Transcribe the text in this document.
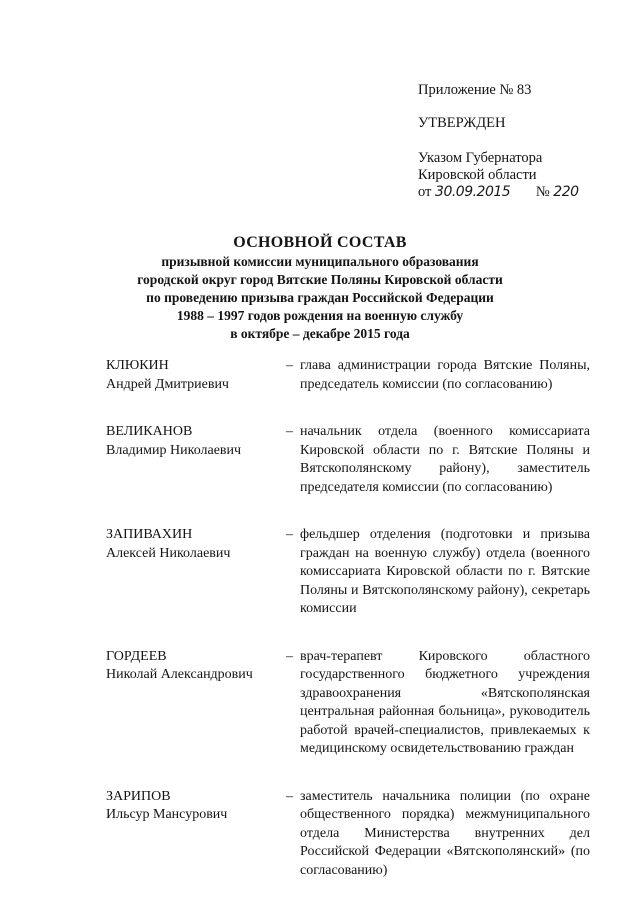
Приложение № 83
УТВЕРЖДЕН
Указом Губернатора
Кировской области
от 30.09.2015 № 220
ОСНОВНОЙ СОСТАВ
призывной комиссии муниципального образования
городской округ город Вятские Поляны Кировской области
по проведению призыва граждан Российской Федерации
1988 – 1997 годов рождения на военную службу
в октябре – декабре 2015 года
КЛЮКИН
Андрей Дмитриевич
– глава администрации города Вятские Поляны, председатель комиссии (по согласованию)
ВЕЛИКАНОВ
Владимир Николаевич
– начальник отдела (военного комиссариата Кировской области по г. Вятские Поляны и Вятскополянскому району), заместитель председателя комиссии (по согласованию)
ЗАПИВАХИН
Алексей Николаевич
– фельдшер отделения (подготовки и призыва граждан на военную службу) отдела (военного комиссариата Кировской области по г. Вятские Поляны и Вятскополянскому району), секретарь комиссии
ГОРДЕЕВ
Николай Александрович
– врач-терапевт Кировского областного государственного бюджетного учреждения здравоохранения «Вятскополянская центральная районная больница», руководитель работой врачей-специалистов, привлекаемых к медицинскому освидетельствованию граждан
ЗАРИПОВ
Ильсур Мансурович
– заместитель начальника полиции (по охране общественного порядка) межмуниципального отдела Министерства внутренних дел Российской Федерации «Вятскополянский» (по согласованию)
